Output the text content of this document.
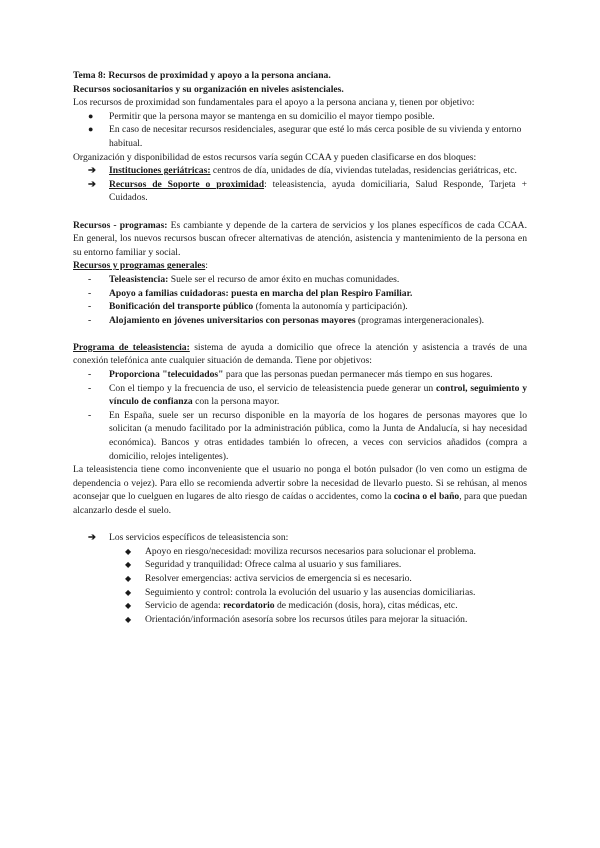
Tema 8: Recursos de proximidad y apoyo a la persona anciana.

Recursos sociosanitarios y su organización en niveles asistenciales.

Los recursos de proximidad son fundamentales para el apoyo a la persona anciana y, tienen por objetivo:

● Permitir que la persona mayor se mantenga en su domicilio el mayor tiempo posible.
● En caso de necesitar recursos residenciales, asegurar que esté lo más cerca posible de su vivienda y entorno habitual.

Organización y disponibilidad de estos recursos varía según CCAA y pueden clasificarse en dos bloques:

➔ Instituciones geriátricas: centros de día, unidades de día, viviendas tuteladas, residencias geriátricas, etc.
➔ Recursos de Soporte o proximidad: teleasistencia, ayuda domiciliaria, Salud Responde, Tarjeta + Cuidados.

Recursos - programas: Es cambiante y depende de la cartera de servicios y los planes específicos de cada CCAA. En general, los nuevos recursos buscan ofrecer alternativas de atención, asistencia y mantenimiento de la persona en su entorno familiar y social.

Recursos y programas generales:

- Teleasistencia: Suele ser el recurso de amor éxito en muchas comunidades.
- Apoyo a familias cuidadoras: puesta en marcha del plan Respiro Familiar.
- Bonificación del transporte público (fomenta la autonomía y participación).
- Alojamiento en jóvenes universitarios con personas mayores (programas intergeneracionales).

Programa de teleasistencia: sistema de ayuda a domicilio que ofrece la atención y asistencia a través de una conexión telefónica ante cualquier situación de demanda. Tiene por objetivos:

- Proporciona "telecuidados" para que las personas puedan permanecer más tiempo en sus hogares.
- Con el tiempo y la frecuencia de uso, el servicio de teleasistencia puede generar un control, seguimiento y vínculo de confianza con la persona mayor.
- En España, suele ser un recurso disponible en la mayoría de los hogares de personas mayores que lo solicitan (a menudo facilitado por la administración pública, como la Junta de Andalucía, si hay necesidad económica). Bancos y otras entidades también lo ofrecen, a veces con servicios añadidos (compra a domicilio, relojes inteligentes).

La teleasistencia tiene como inconveniente que el usuario no ponga el botón pulsador (lo ven como un estigma de dependencia o vejez). Para ello se recomienda advertir sobre la necesidad de llevarlo puesto. Si se rehúsan, al menos aconsejar que lo cuelguen en lugares de alto riesgo de caídas o accidentes, como la cocina o el baño, para que puedan alcanzarlo desde el suelo.

➔ Los servicios específicos de teleasistencia son:
◆ Apoyo en riesgo/necesidad: moviliza recursos necesarios para solucionar el problema.
◆ Seguridad y tranquilidad: Ofrece calma al usuario y sus familiares.
◆ Resolver emergencias: activa servicios de emergencia si es necesario.
◆ Seguimiento y control: controla la evolución del usuario y las ausencias domiciliarias.
◆ Servicio de agenda: recordatorio de medicación (dosis, hora), citas médicas, etc.
◆ Orientación/información asesoría sobre los recursos útiles para mejorar la situación.
